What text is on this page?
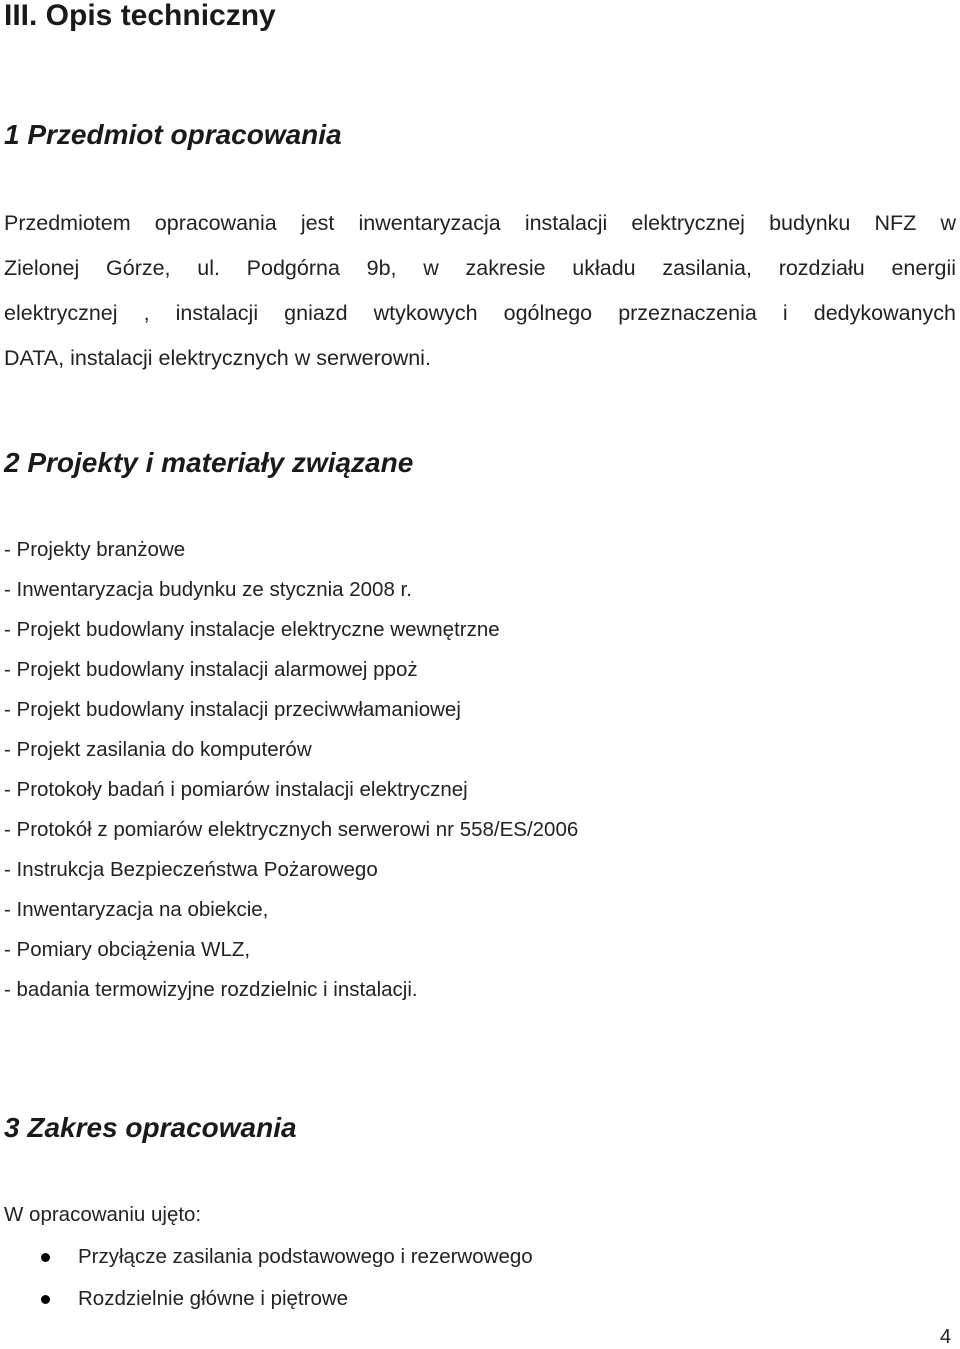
III. Opis techniczny
1 Przedmiot opracowania
Przedmiotem opracowania jest inwentaryzacja instalacji elektrycznej budynku NFZ w
Zielonej Górze, ul. Podgórna 9b, w zakresie układu zasilania, rozdziału energii
elektrycznej , instalacji gniazd wtykowych ogólnego przeznaczenia i dedykowanych
DATA, instalacji elektrycznych w serwerowni.
2 Projekty i materiały związane
- Projekty branżowe
- Inwentaryzacja budynku ze stycznia 2008 r.
- Projekt budowlany instalacje elektryczne wewnętrzne
- Projekt budowlany instalacji alarmowej ppoż
- Projekt budowlany instalacji przeciwwłamaniowej
- Projekt zasilania do komputerów
- Protokoły badań i pomiarów instalacji elektrycznej
- Protokół z pomiarów elektrycznych serwerowi nr 558/ES/2006
- Instrukcja Bezpieczeństwa Pożarowego
- Inwentaryzacja na obiekcie,
- Pomiary obciążenia WLZ,
- badania termowizyjne rozdzielnic i instalacji.
3 Zakres opracowania
W opracowaniu ujęto:
Przyłącze zasilania podstawowego i rezerwowego
Rozdzielnie główne i piętrowe
4
